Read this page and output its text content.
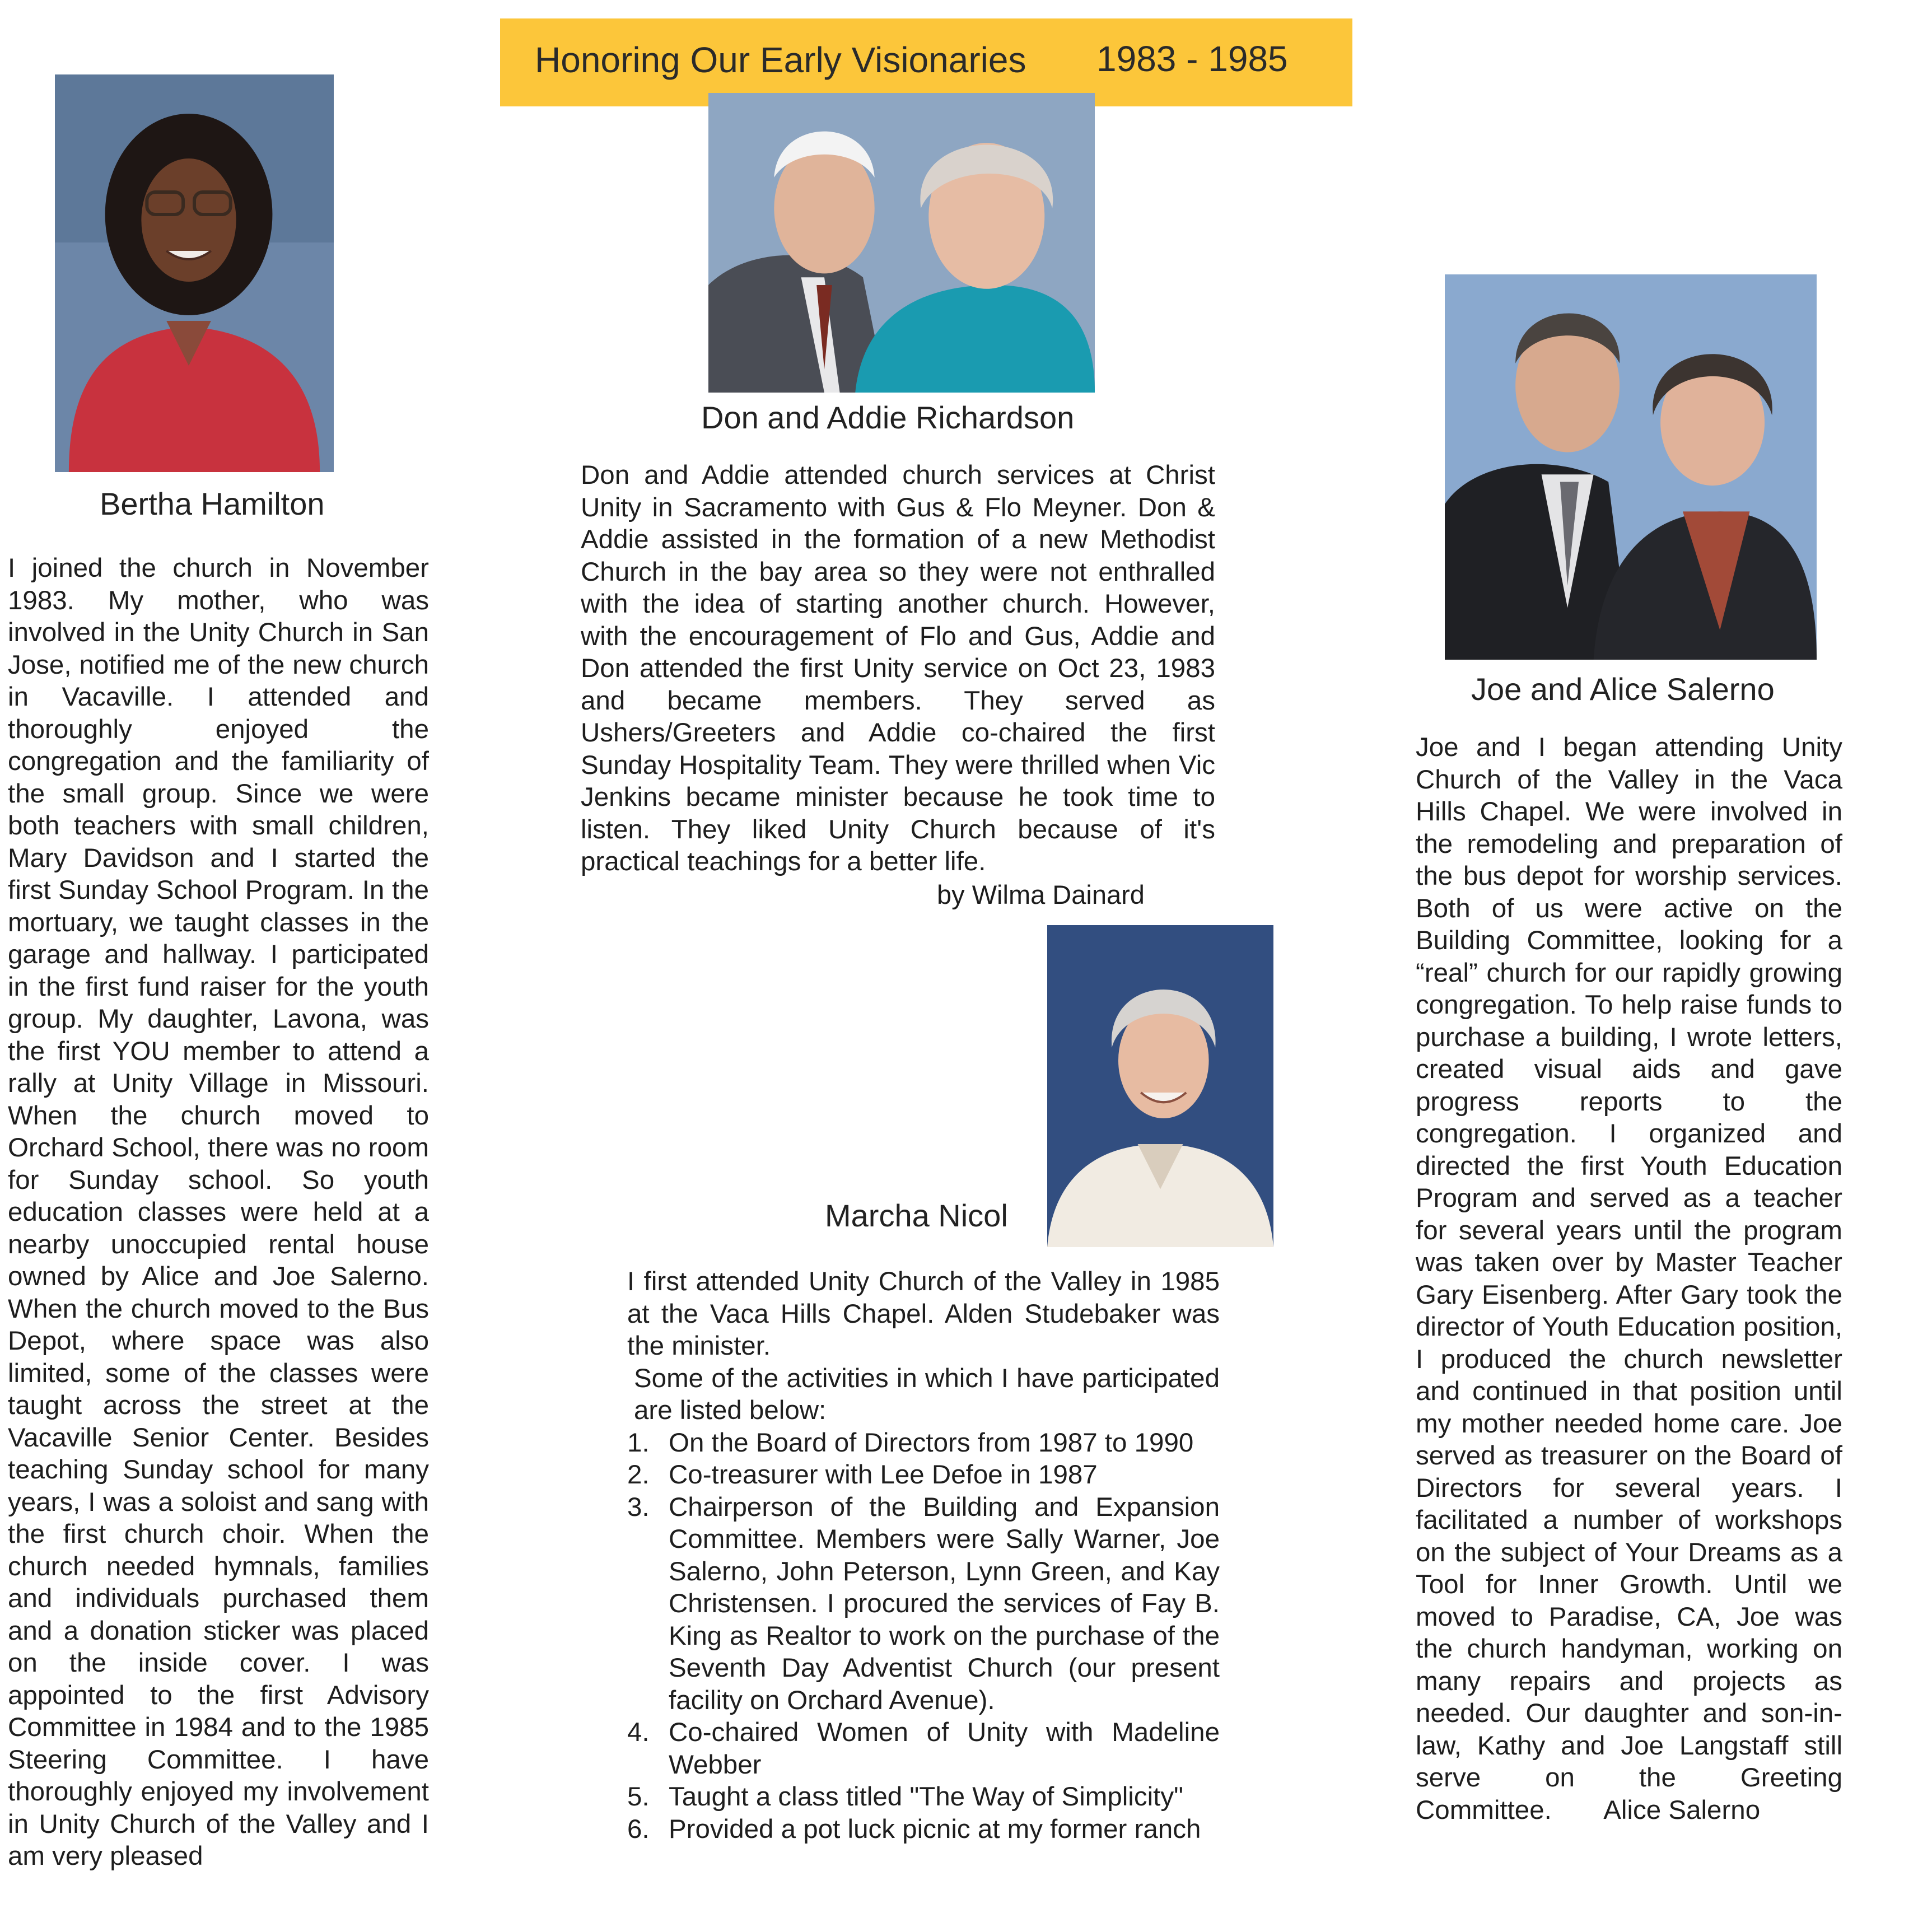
Honoring Our Early Visionaries 1983 - 1985
Bertha Hamilton

I joined the church in November 1983. My mother, who was involved in the Unity Church in San Jose, notified me of the new church in Vacaville. I attended and thoroughly enjoyed the congregation and the familiarity of the small group. Since we were both teachers with small children, Mary Davidson and I started the first Sunday School Program. In the mortuary, we taught classes in the garage and hallway. I participated in the first fund raiser for the youth group. My daughter, Lavona, was the first YOU member to attend a rally at Unity Village in Missouri. When the church moved to Orchard School, there was no room for Sunday school. So youth education classes were held at a nearby unoccupied rental house owned by Alice and Joe Salerno. When the church moved to the Bus Depot, where space was also limited, some of the classes were taught across the street at the Vacaville Senior Center. Besides teaching Sunday school for many years, I was a soloist and sang with the first church choir. When the church needed hymnals, families and individuals purchased them and a donation sticker was placed on the inside cover. I was appointed to the first Advisory Committee in 1984 and to the 1985 Steering Committee. I have thoroughly enjoyed my involvement in Unity Church of the Valley and I am very pleased

Don and Addie Richardson

Don and Addie attended church services at Christ Unity in Sacramento with Gus & Flo Meyner. Don & Addie assisted in the formation of a new Methodist Church in the bay area so they were not enthralled with the idea of starting another church. However, with the encouragement of Flo and Gus, Addie and Don attended the first Unity service on Oct 23, 1983 and became members. They served as Ushers/Greeters and Addie co-chaired the first Sunday Hospitality Team. They were thrilled when Vic Jenkins became minister because he took time to listen. They liked Unity Church because of it's practical teachings for a better life.

by Wilma Dainard
Marcha Nicol

I first attended Unity Church of the Valley in 1985 at the Vaca Hills Chapel. Alden Studebaker was the minister.

Some of the activities in which I have participated are listed below:

1. On the Board of Directors from 1987 to 1990
2. Co-treasurer with Lee Defoe in 1987
3. Chairperson of the Building and Expansion Committee. Members were Sally Warner, Joe Salerno, John Peterson, Lynn Green, and Kay Christensen. I procured the services of Fay B. King as Realtor to work on the purchase of the Seventh Day Adventist Church (our present facility on Orchard Avenue).
4. Co-chaired Women of Unity with Madeline Webber
5. Taught a class titled "The Way of Simplicity"
6. Provided a pot luck picnic at my former ranch
Joe and Alice Salerno

Joe and I began attending Unity Church of the Valley in the Vaca Hills Chapel. We were involved in the remodeling and preparation of the bus depot for worship services. Both of us were active on the Building Committee, looking for a “real” church for our rapidly growing congregation. To help raise funds to purchase a building, I wrote letters, created visual aids and gave progress reports to the congregation. I organized and directed the first Youth Education Program and served as a teacher for several years until the program was taken over by Master Teacher Gary Eisenberg. After Gary took the director of Youth Education position, I produced the church newsletter and continued in that position until my mother needed home care. Joe served as treasurer on the Board of Directors for several years. I facilitated a number of workshops on the subject of Your Dreams as a Tool for Inner Growth. Until we moved to Paradise, CA, Joe was the church handyman, working on many repairs and projects as needed. Our daughter and son-in-law, Kathy and Joe Langstaff still serve on the Greeting Committee. Alice Salerno
